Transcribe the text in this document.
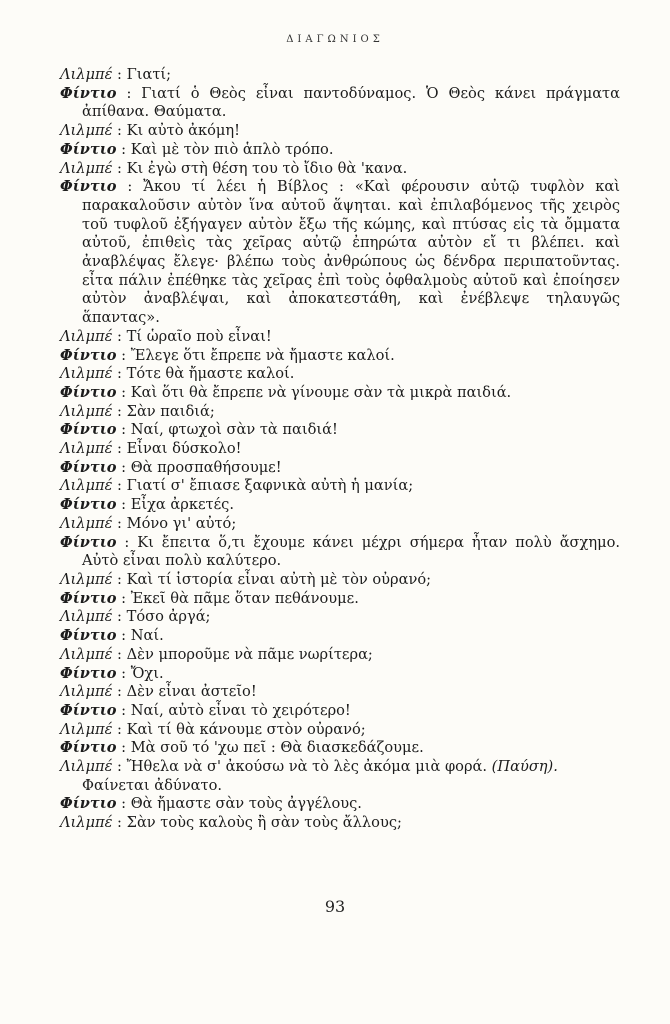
ΔΙΑΓΩΝΙΟΣ
Λιλμπέ : Γιατί;
Φίντιο : Γιατί ὁ Θεὸς εἶναι παντοδύναμος. Ὁ Θεὸς κάνει πράγματα ἀπίθανα. Θαύματα.
Λιλμπέ : Κι αὐτὸ ἀκόμη!
Φίντιο : Καὶ μὲ τὸν πιὸ ἁπλὸ τρόπο.
Λιλμπέ : Κι ἐγὼ στὴ θέση του τὸ ἴδιο θὰ 'κανα.
Φίντιο : Ἄκου τί λέει ἡ Βίβλος : «Καὶ φέρουσιν αὐτῷ τυφλὸν καὶ παρακαλοῦσιν αὐτὸν ἵνα αὐτοῦ ἅψηται. καὶ ἐπιλαβόμενος τῆς χειρὸς τοῦ τυφλοῦ ἐξήγαγεν αὐτὸν ἔξω τῆς κώμης, καὶ πτύσας εἰς τὰ ὄμματα αὐτοῦ, ἐπιθεὶς τὰς χεῖρας αὐτῷ ἐπηρώτα αὐτὸν εἴ τι βλέπει. καὶ ἀναβλέψας ἔλεγε· βλέπω τοὺς ἀνθρώπους ὡς δένδρα περιπατοῦντας. εἶτα πάλιν ἐπέθηκε τὰς χεῖρας ἐπὶ τοὺς ὀφθαλμοὺς αὐτοῦ καὶ ἐποίησεν αὐτὸν ἀναβλέψαι, καὶ ἀποκατεστάθη, καὶ ἐνέβλεψε τηλαυγῶς ἅπαντας».
Λιλμπέ : Τί ὡραῖο ποὺ εἶναι!
Φίντιο : Ἔλεγε ὅτι ἔπρεπε νὰ ἤμαστε καλοί.
Λιλμπέ : Τότε θὰ ἤμαστε καλοί.
Φίντιο : Καὶ ὅτι θὰ ἔπρεπε νὰ γίνουμε σὰν τὰ μικρὰ παιδιά.
Λιλμπέ : Σὰν παιδιά;
Φίντιο : Ναί, φτωχοὶ σὰν τὰ παιδιά!
Λιλμπέ : Εἶναι δύσκολο!
Φίντιο : Θὰ προσπαθήσουμε!
Λιλμπέ : Γιατί σ' ἔπιασε ξαφνικὰ αὐτὴ ἡ μανία;
Φίντιο : Εἶχα ἀρκετές.
Λιλμπέ : Μόνο γι' αὐτό;
Φίντιο : Κι ἔπειτα ὅ,τι ἔχουμε κάνει μέχρι σήμερα ἦταν πολὺ ἄσχημο. Αὐτὸ εἶναι πολὺ καλύτερο.
Λιλμπέ : Καὶ τί ἱστορία εἶναι αὐτὴ μὲ τὸν οὐρανό;
Φίντιο : Ἐκεῖ θὰ πᾶμε ὅταν πεθάνουμε.
Λιλμπέ : Τόσο ἀργά;
Φίντιο : Ναί.
Λιλμπέ : Δὲν μποροῦμε νὰ πᾶμε νωρίτερα;
Φίντιο : Ὄχι.
Λιλμπέ : Δὲν εἶναι ἀστεῖο!
Φίντιο : Ναί, αὐτὸ εἶναι τὸ χειρότερο!
Λιλμπέ : Καὶ τί θὰ κάνουμε στὸν οὐρανό;
Φίντιο : Μὰ σοῦ τό 'χω πεῖ : Θὰ διασκεδάζουμε.
Λιλμπέ : Ἤθελα νὰ σ' ἀκούσω νὰ τὸ λὲς ἀκόμα μιὰ φορά. (Παύση).
Φαίνεται ἀδύνατο.
Φίντιο : Θὰ ἤμαστε σὰν τοὺς ἀγγέλους.
Λιλμπέ : Σὰν τοὺς καλοὺς ἢ σὰν τοὺς ἄλλους;
93
